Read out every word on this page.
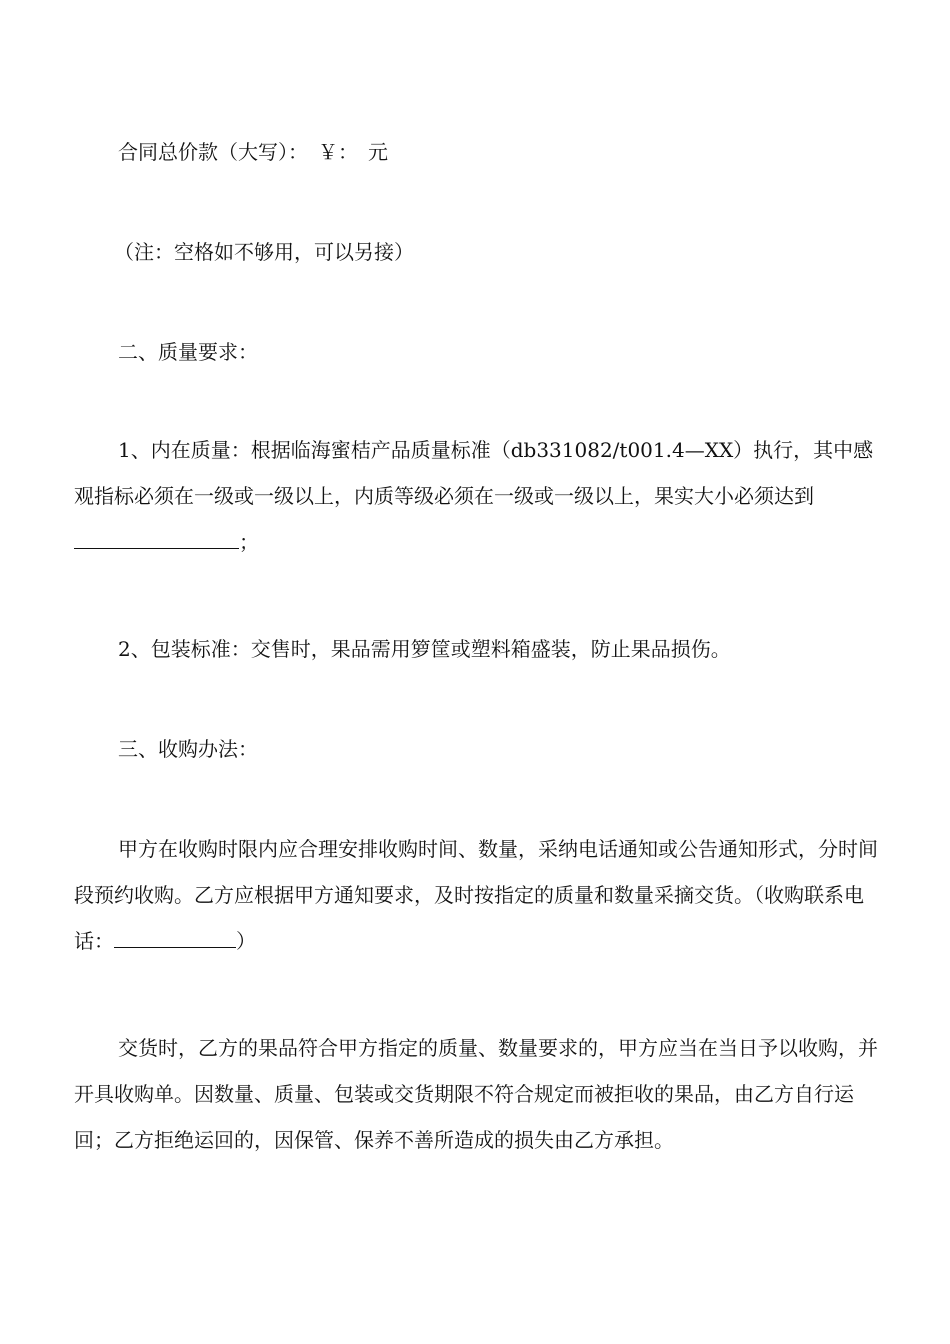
合同总价款（大写）：　￥：　元

（注：空格如不够用，可以另接）

二、质量要求：

1、内在质量：根据临海蜜桔产品质量标准（db331082/t001.4—XX）执行，其中感观指标必须在一级或一级以上，内质等级必须在一级或一级以上，果实大小必须达到；

2、包装标准：交售时，果品需用箩筐或塑料箱盛装，防止果品损伤。

三、收购办法：

甲方在收购时限内应合理安排收购时间、数量，采纳电话通知或公告通知形式，分时间段预约收购。乙方应根据甲方通知要求，及时按指定的质量和数量采摘交货。（收购联系电话：	）

交货时，乙方的果品符合甲方指定的质量、数量要求的，甲方应当在当日予以收购，并开具收购单。因数量、质量、包装或交货期限不符合规定而被拒收的果品，由乙方自行运回；乙方拒绝运回的，因保管、保养不善所造成的损失由乙方承担。
